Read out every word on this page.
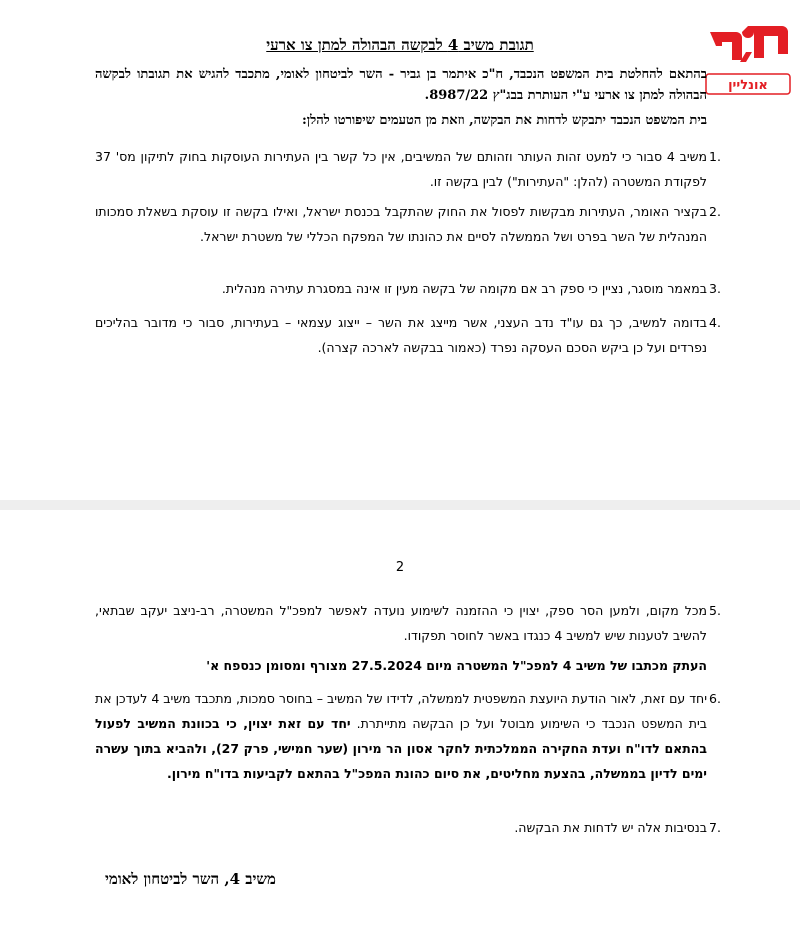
אונליין
תגובת משיב 4 לבקשה הבהולה למתן צו ארעי
בהתאם להחלטת בית המשפט הנכבד, ח"כ איתמר בן גביר - השר לביטחון לאומי, מתכבד להגיש את תגובתו לבקשה הבהולה למתן צו ארעי ע"י העותרת בבג"ץ 8987/22.
בית המשפט הנכבד יתבקש לדחות את הבקשה, וזאת מן הטעמים שיפורטו להלן:
1.
משיב 4 סבור כי למעט זהות העותר וזהותם של המשיבים, אין כל קשר בין העתירות העוסקות בחוק לתיקון מס' 37 לפקודת המשטרה (להלן: "העתירות") לבין בקשה זו.
2.
בקציר האומר, העתירות מבקשות לפסול את החוק שהתקבל בכנסת ישראל, ואילו בקשה זו עוסקת בשאלת סמכותו המנהלית של השר בפרט ושל הממשלה לסיים את כהונתו של המפקח הכללי של משטרת ישראל.
3.
במאמר מוסגר, נציין כי ספק רב אם מקומה של בקשה מעין זו אינה במסגרת עתירה מנהלית.
4.
בדומה למשיב, כך גם עו"ד נדב העצני, אשר מייצג את השר – ייצוג עצמאי – בעתירות, סבור כי מדובר בהליכים נפרדים ועל כן ביקש הסכם העסקה נפרד (כאמור בבקשה לארכה קצרה).
2
5.
מכל מקום, ולמען הסר ספק, יצוין כי ההזמנה לשימוע נועדה לאפשר למפכ"ל המשטרה, רב-ניצב יעקב שבתאי, להשיב לטענות שיש למשיב 4 כנגדו באשר לחוסר תפקודו.
העתק מכתבו של משיב 4 למפכ"ל המשטרה מיום 27.5.2024 מצורף ומסומן כנספח א'
6.
יחד עם זאת, לאור הודעת היועצת המשפטית לממשלה, לדידו של המשיב – בחוסר סמכות, מתכבד משיב 4 לעדכן את בית המשפט הנכבד כי השימוע מבוטל ועל כן הבקשה מתייתרת. יחד עם זאת יצוין, כי בכוונת המשיב לפעול בהתאם לדו"ח ועדת החקירה הממלכתית לחקר אסון הר מירון (שער חמישי, פרק 27), ולהביא בתוך עשרה ימים לדיון בממשלה, בהצעת מחליטים, את סיום כהונת המפכ"ל בהתאם לקביעות בדו"ח מירון.
7.
בנסיבות אלה יש לדחות את הבקשה.
משיב 4, השר לביטחון לאומי
